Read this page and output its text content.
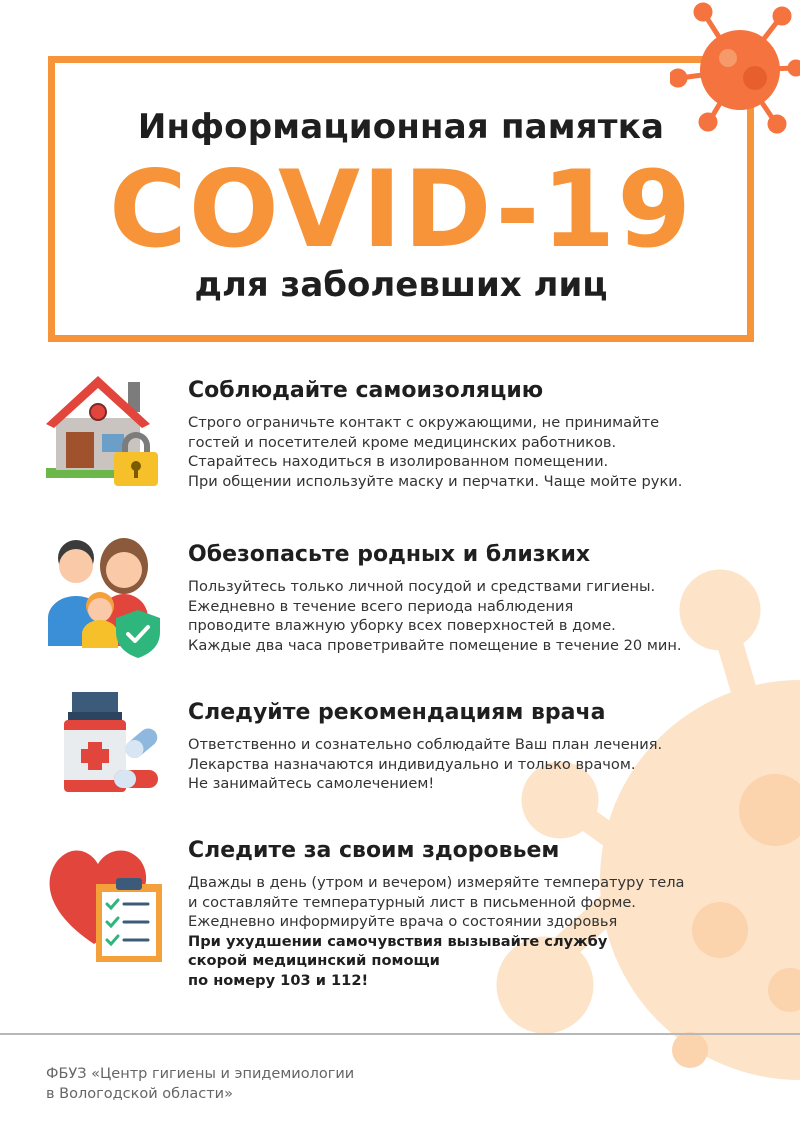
Информационная памятка
COVID-19
для заболевших лиц
Соблюдайте самоизоляцию

Строго ограничьте контакт с окружающими, не принимайте

гостей и посетителей кроме медицинских работников.

Старайтесь находиться в изолированном помещении.

При общении используйте маску и перчатки. Чаще мойте руки.

Обезопасьте родных и близких

Пользуйтесь только личной посудой и средствами гигиены.

Ежедневно в течение всего периода наблюдения

проводите влажную уборку всех поверхностей в доме.

Каждые два часа проветривайте помещение в течение 20 мин.

Следуйте рекомендациям врача

Ответственно и сознательно соблюдайте Ваш план лечения.

Лекарства назначаются индивидуально и только врачом.

Не занимайтесь самолечением!

Следите за своим здоровьем

Дважды в день (утром и вечером) измеряйте температуру тела

и составляйте температурный лист в письменной форме.

Ежедневно информируйте врача о состоянии здоровья

При ухудшении самочувствия вызывайте службу

скорой медицинский помощи

по номеру 103 и 112!

ФБУЗ «Центр гигиены и эпидемиологии

в Вологодской области»
